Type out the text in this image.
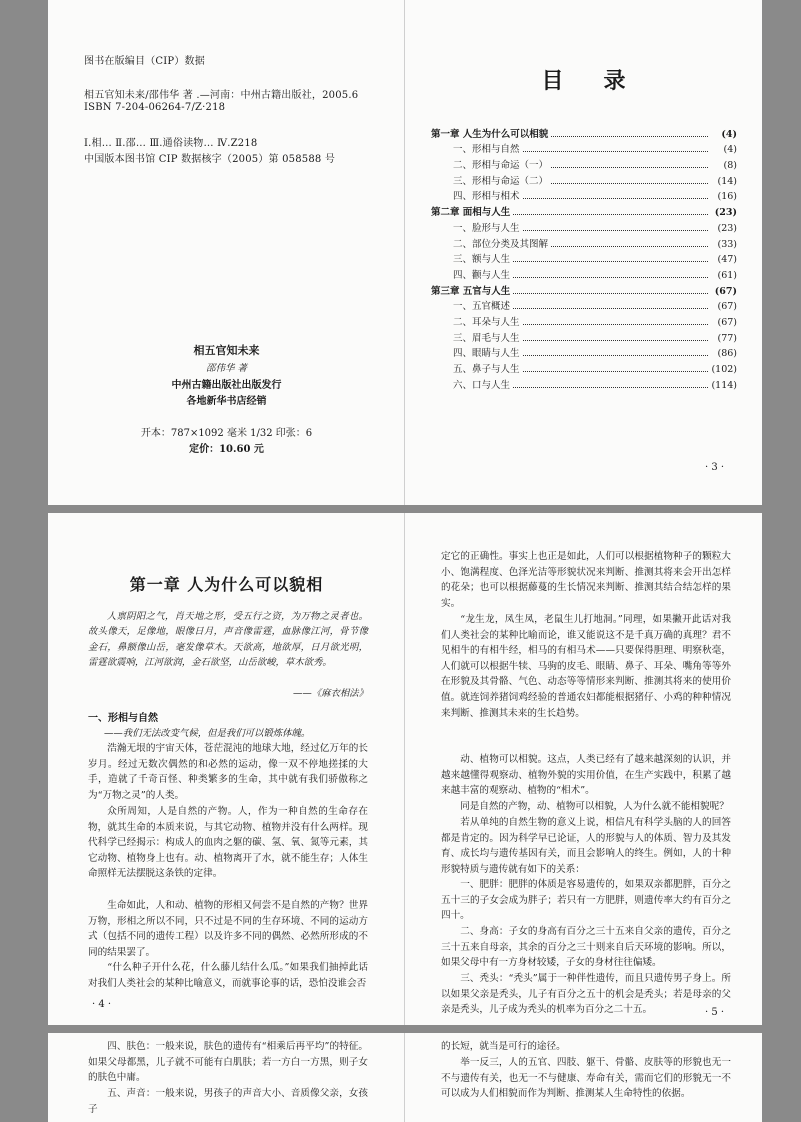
图书在版编目（CIP）数据
相五官知未来/邵伟华 著 .—河南：中州古籍出版社，2005.6
ISBN 7-204-06264-7/Z·218
Ⅰ.相… Ⅱ.邵… Ⅲ.通俗读物… Ⅳ.Z218
中国版本图书馆 CIP 数据核字（2005）第 058588 号
相五官知未来
邵伟华 著
中州古籍出版社出版发行
各地新华书店经销
开本：787×1092 毫米 1/32 印张：6
定价：10.60 元
目录
第一章 人生为什么可以相貌	(4)
一、形相与自然	(4)
二、形相与命运（一）	(8)
三、形相与命运（二）	(14)
四、形相与相术	(16)
第二章 面相与人生	(23)
一、脸形与人生	(23)
二、部位分类及其图解	(33)
三、额与人生	(47)
四、颧与人生	(61)
第三章 五官与人生	(67)
一、五官概述	(67)
二、耳朵与人生	(67)
三、眉毛与人生	(77)
四、眼睛与人生	(86)
五、鼻子与人生	(102)
六、口与人生	(114)
· 3 ·
第一章 人为什么可以貌相

人禀阴阳之气，肖天地之形，受五行之资，为万物之灵者也。故头像天，足像地，眼像日月，声音像雷霆，血脉像江河，骨节像金石，鼻额像山岳，毫发像草木。天欲高，地欲厚，日月欲光明，雷霆欲震响，江河欲润，金石欲坚，山岳欲峻，草木欲秀。

——《麻衣相法》
一、形相与自然
——我们无法改变气候，但是我们可以锻炼体魄。

浩瀚无垠的宇宙天体，苍茫混沌的地球大地，经过亿万年的长岁月。经过无数次偶然的和必然的运动，像一双不停地搓揉的大手，造就了千奇百怪、种类繁多的生命，其中就有我们骄傲称之为“万物之灵”的人类。

众所周知，人是自然的产物。人，作为一种自然的生命存在物，就其生命的本质来说，与其它动物、植物并没有什么两样。现代科学已经揭示：构成人的血肉之躯的碳、氢、氧、氮等元素，其它动物、植物身上也有。动、植物离开了水，就不能生存；人体生命照样无法摆脱这条铁的定律。

生命如此，人和动、植物的形相又何尝不是自然的产物？世界万物，形相之所以不同，只不过是不同的生存环境、不同的运动方式（包括不同的遗传工程）以及许多不同的偶然、必然所形成的不同的结果罢了。

“什么种子开什么花，什么藤儿结什么瓜。”如果我们抽掉此话对我们人类社会的某种比喻意义，而就事论事的话，恐怕没谁会否

· 4 ·

定它的正确性。事实上也正是如此，人们可以根据植物种子的颗粒大小、饱满程度、色泽光洁等形貌状况来判断、推测其将来会开出怎样的花朵；也可以根据藤蔓的生长情况来判断、推测其结合结怎样的果实。

“龙生龙，凤生凤，老鼠生儿打地洞。”同理，如果撇开此话对我们人类社会的某种比喻而论，谁又能说这不是千真万确的真理？君不见相牛的有相牛经，相马的有相马术——只要保得胆理、明察秋毫，人们就可以根据牛犊、马驹的皮毛、眼睛、鼻子、耳朵、嘴角等等外在形貌及其骨骼、气色、动态等等情形来判断、推测其将来的使用价值。就连饲养猪饲鸡经验的普通农妇都能根据猪仔、小鸡的种种情况来判断、推测其未来的生长趋势。

动、植物可以相貌。这点，人类已经有了越来越深刻的认识，并越来越懂得观察动、植物外貌的实用价值，在生产实践中，积累了越来越丰富的观察动、植物的“相术”。

同是自然的产物，动、植物可以相貌，人为什么就不能相貌呢？

若从单纯的自然生物的意义上说，相信凡有科学头脑的人的回答都是肯定的。因为科学早已论证，人的形貌与人的体质、智力及其发育、成长均与遗传基因有关，而且会影响人的终生。例如，人的十种形貌特质与遗传就有如下的关系：

一、肥胖：肥胖的体质是容易遗传的，如果双亲都肥胖，百分之五十三的子女会成为胖子；若只有一方肥胖，则遗传率大约有百分之四十。

二、身高：子女的身高有百分之三十五来自父亲的遗传，百分之三十五来自母亲，其余的百分之三十则来自后天环境的影响。所以，如果父母中有一方身材较矮，子女的身材往往偏矮。

三、秃头：“秃头”属于一种伴性遗传，而且只遗传男子身上。所以如果父亲是秃头，儿子有百分之五十的机会是秃头；若是母亲的父亲是秃头，儿子成为秃头的机率为百分之二十五。	· 5 ·

四、肤色：一般来说，肤色的遗传有“相乘后再平均”的特征。如果父母都黑，儿子就不可能有白肌肤；若一方白一方黑，则子女的肤色中庸。

五、声音：一般来说，男孩子的声音大小、音质像父亲，女孩子

的长短，就当是可行的途径。

举一反三，人的五官、四肢、躯干、骨骼、皮肤等的形貌也无一不与遗传有关，也无一不与健康、寿命有关，需而它们的形貌无一不可以成为人们相貌而作为判断、推测某人生命特性的依据。
